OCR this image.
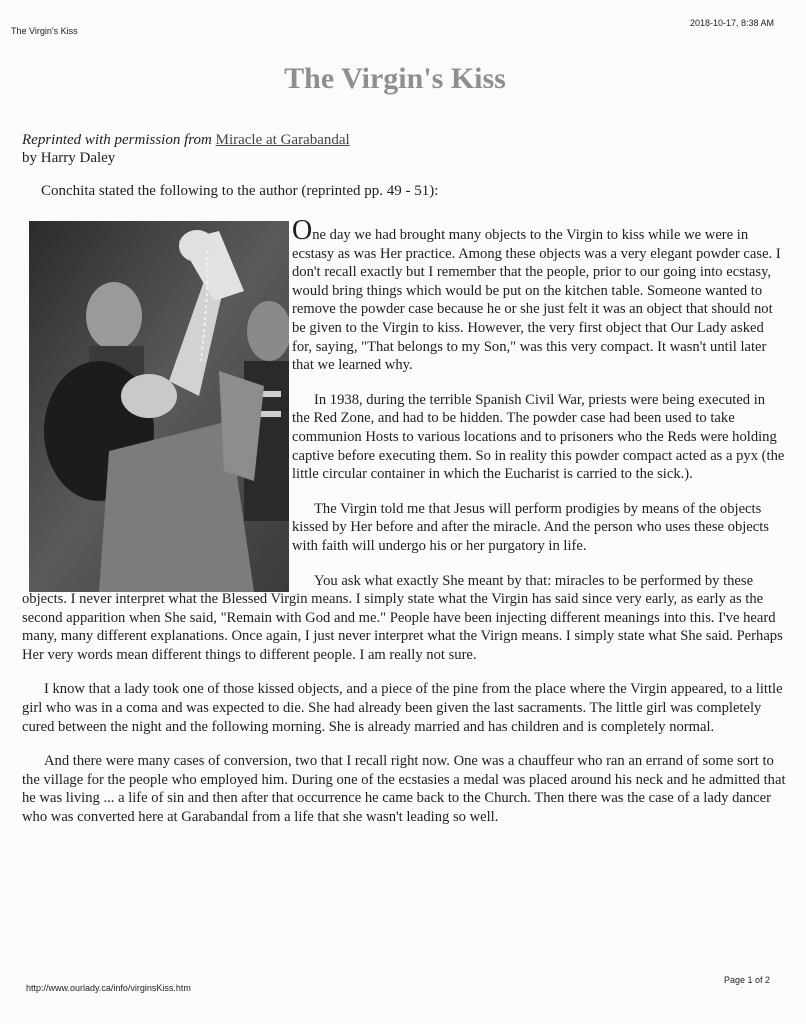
The Virgin's Kiss
2018-10-17, 8:38 AM
The Virgin's Kiss
Reprinted with permission from Miracle at Garabandal
by Harry Daley
Conchita stated the following to the author (reprinted pp. 49 - 51):

One day we had brought many objects to the Virgin to kiss while we were in ecstasy as was Her practice. Among these objects was a very elegant powder case. I don't recall exactly but I remember that the people, prior to our going into ecstasy, would bring things which would be put on the kitchen table. Someone wanted to remove the powder case because he or she just felt it was an object that should not be given to the Virgin to kiss. However, the very first object that Our Lady asked for, saying, "That belongs to my Son," was this very compact. It wasn't until later that we learned why.

In 1938, during the terrible Spanish Civil War, priests were being executed in the Red Zone, and had to be hidden. The powder case had been used to take communion Hosts to various locations and to prisoners who the Reds were holding captive before executing them. So in reality this powder compact acted as a pyx (the little circular container in which the Eucharist is carried to the sick.).

The Virgin told me that Jesus will perform prodigies by means of the objects kissed by Her before and after the miracle. And the person who uses these objects with faith will undergo his or her purgatory in life.

You ask what exactly She meant by that: miracles to be performed by these objects. I never interpret what the Blessed Virgin means. I simply state what the Virgin has said since very early, as early as the second apparition when She said, "Remain with God and me." People have been injecting different meanings into this. I've heard many, many different explanations. Once again, I just never interpret what the Virign means. I simply state what She said. Perhaps Her very words mean different things to different people. I am really not sure.

I know that a lady took one of those kissed objects, and a piece of the pine from the place where the Virgin appeared, to a little girl who was in a coma and was expected to die. She had already been given the last sacraments. The little girl was completely cured between the night and the following morning. She is already married and has children and is completely normal.

And there were many cases of conversion, two that I recall right now. One was a chauffeur who ran an errand of some sort to the village for the people who employed him. During one of the ecstasies a medal was placed around his neck and he admitted that he was living ... a life of sin and then after that occurrence he came back to the Church. Then there was the case of a lady dancer who was converted here at Garabandal from a life that she wasn't leading so well.

http://www.ourlady.ca/info/virginsKiss.htm
Page 1 of 2
